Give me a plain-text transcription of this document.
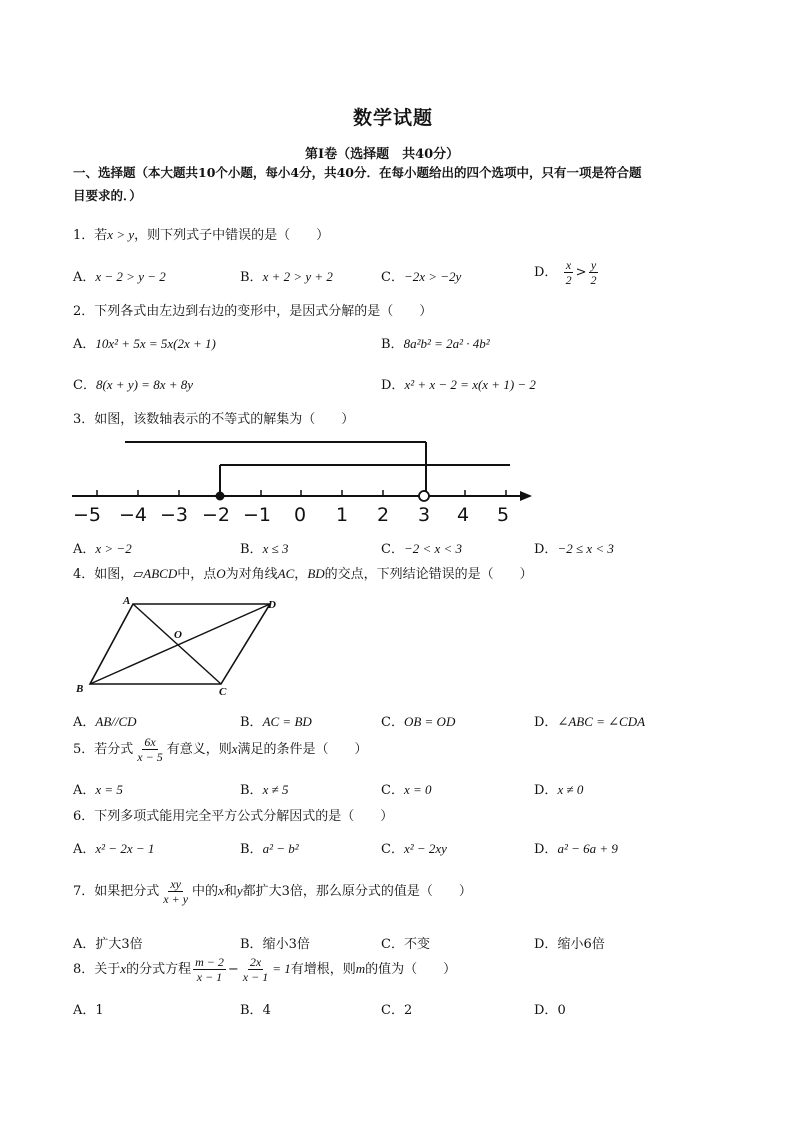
数学试题
第Ⅰ卷（选择题　共40分）
一、选择题（本大题共10个小题，每小4分，共40分．在每小题给出的四个选项中，只有一项是符合题
目要求的．）
1．若x > y，则下列式子中错误的是（　　）
A．x − 2 > y − 2	B．x + 2 > y + 2	C．−2x > −2y	D． $\frac{x}{2} > \frac{y}{2}$
2．下列各式由左边到右边的变形中，是因式分解的是（　　）
A．10x² + 5x = 5x(2x + 1)	B．8a²b² = 2a² · 4b²
C．8(x + y) = 8x + 8y	D．x² + x − 2 = x(x + 1) − 2
3．如图，该数轴表示的不等式的解集为（　　）
−5 −4 −3 −2 −1 0 1 2 3 4 5
A．x > −2	B．x ≤ 3	C．−2 < x < 3	D．−2 ≤ x < 3
4．如图，▱ABCD中，点O为对角线AC，BD的交点，下列结论错误的是（　　）
A	D
B	C
O
A．AB//CD	B．AC = BD	C．OB = OD	D．∠ABC = ∠CDA
5．若分式 $\frac{6x}{x - 5}$ 有意义，则x满足的条件是（　　）
A．x = 5	B．x ≠ 5	C．x = 0	D．x ≠ 0
6．下列多项式能用完全平方公式分解因式的是（　　）
A．x² − 2x − 1	B．a² − b²	C．x² − 2xy	D．a² − 6a + 9
7．如果把分式 $\frac{xy}{x + y}$ 中的x和y都扩大3倍，那么原分式的值是（　　）
A．扩大3倍	B．缩小3倍	C．不变	D．缩小6倍
8．关于x的分式方程 $\frac{m - 2}{x - 1} - \frac{2x}{x - 1} = 1$有增根，则m的值为（　　）
A．1	B．4	C．2	D．0
